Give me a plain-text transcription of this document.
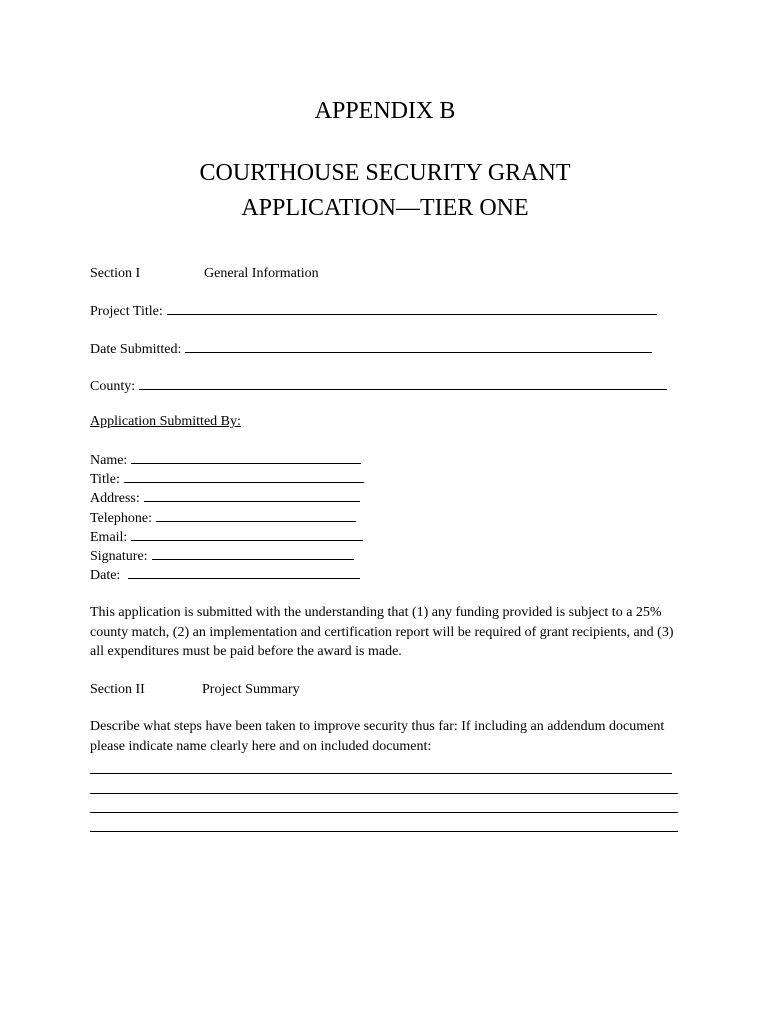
APPENDIX B
COURTHOUSE SECURITY GRANT
APPLICATION—TIER ONE
Section I	General Information
Project Title:
Date Submitted:
County:
Application Submitted By:
Name:
Title:
Address:
Telephone:
Email:
Signature:
Date:
This application is submitted with the understanding that (1) any funding provided is subject to a 25% county match, (2) an implementation and certification report will be required of grant recipients, and (3) all expenditures must be paid before the award is made.
Section II	Project Summary
Describe what steps have been taken to improve security thus far: If including an addendum document please indicate name clearly here and on included document:
